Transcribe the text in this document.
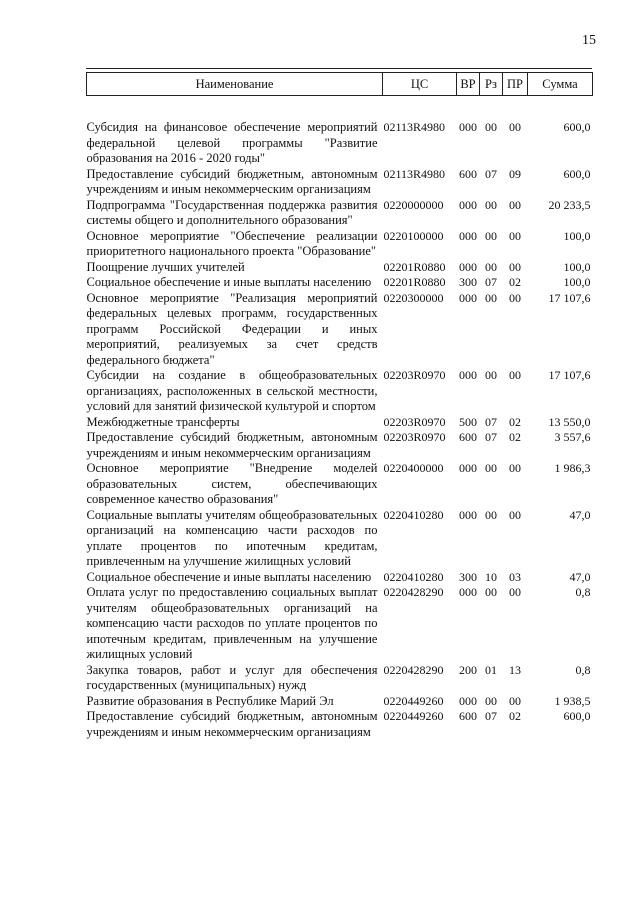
15
Наименование	ЦС	ВР	Рз	ПР	Сумма
Субсидия на финансовое обеспечение мероприятий федеральной целевой программы "Развитие образования на 2016 - 2020 годы"	02113R4980	000	00	00	600,0
Предоставление субсидий бюджетным, автономным учреждениям и иным некоммерческим организациям	02113R4980	600	07	09	600,0
Подпрограмма "Государственная поддержка развития системы общего и дополнительного образования"	0220000000	000	00	00	20 233,5
Основное мероприятие "Обеспечение реализации приоритетного национального проекта "Образование"	0220100000	000	00	00	100,0
Поощрение лучших учителей	02201R0880	000	00	00	100,0
Социальное обеспечение и иные выплаты населению	02201R0880	300	07	02	100,0
Основное мероприятие "Реализация мероприятий федеральных целевых программ, государственных программ Российской Федерации и иных мероприятий, реализуемых за счет средств федерального бюджета"	0220300000	000	00	00	17 107,6
Субсидии на создание в общеобразовательных организациях, расположенных в сельской местности, условий для занятий физической культурой и спортом	02203R0970	000	00	00	17 107,6
Межбюджетные трансферты	02203R0970	500	07	02	13 550,0
Предоставление субсидий бюджетным, автономным учреждениям и иным некоммерческим организациям	02203R0970	600	07	02	3 557,6
Основное мероприятие "Внедрение моделей образовательных систем, обеспечивающих современное качество образования"	0220400000	000	00	00	1 986,3
Социальные выплаты учителям общеобразовательных организаций на компенсацию части расходов по уплате процентов по ипотечным кредитам, привлеченным на улучшение жилищных условий	0220410280	000	00	00	47,0
Социальное обеспечение и иные выплаты населению	0220410280	300	10	03	47,0
Оплата услуг по предоставлению социальных выплат учителям общеобразовательных организаций на компенсацию части расходов по уплате процентов по ипотечным кредитам, привлеченным на улучшение жилищных условий	0220428290	000	00	00	0,8
Закупка товаров, работ и услуг для обеспечения государственных (муниципальных) нужд	0220428290	200	01	13	0,8
Развитие образования в Республике Марий Эл	0220449260	000	00	00	1 938,5
Предоставление субсидий бюджетным, автономным учреждениям и иным некоммерческим организациям	0220449260	600	07	02	600,0
